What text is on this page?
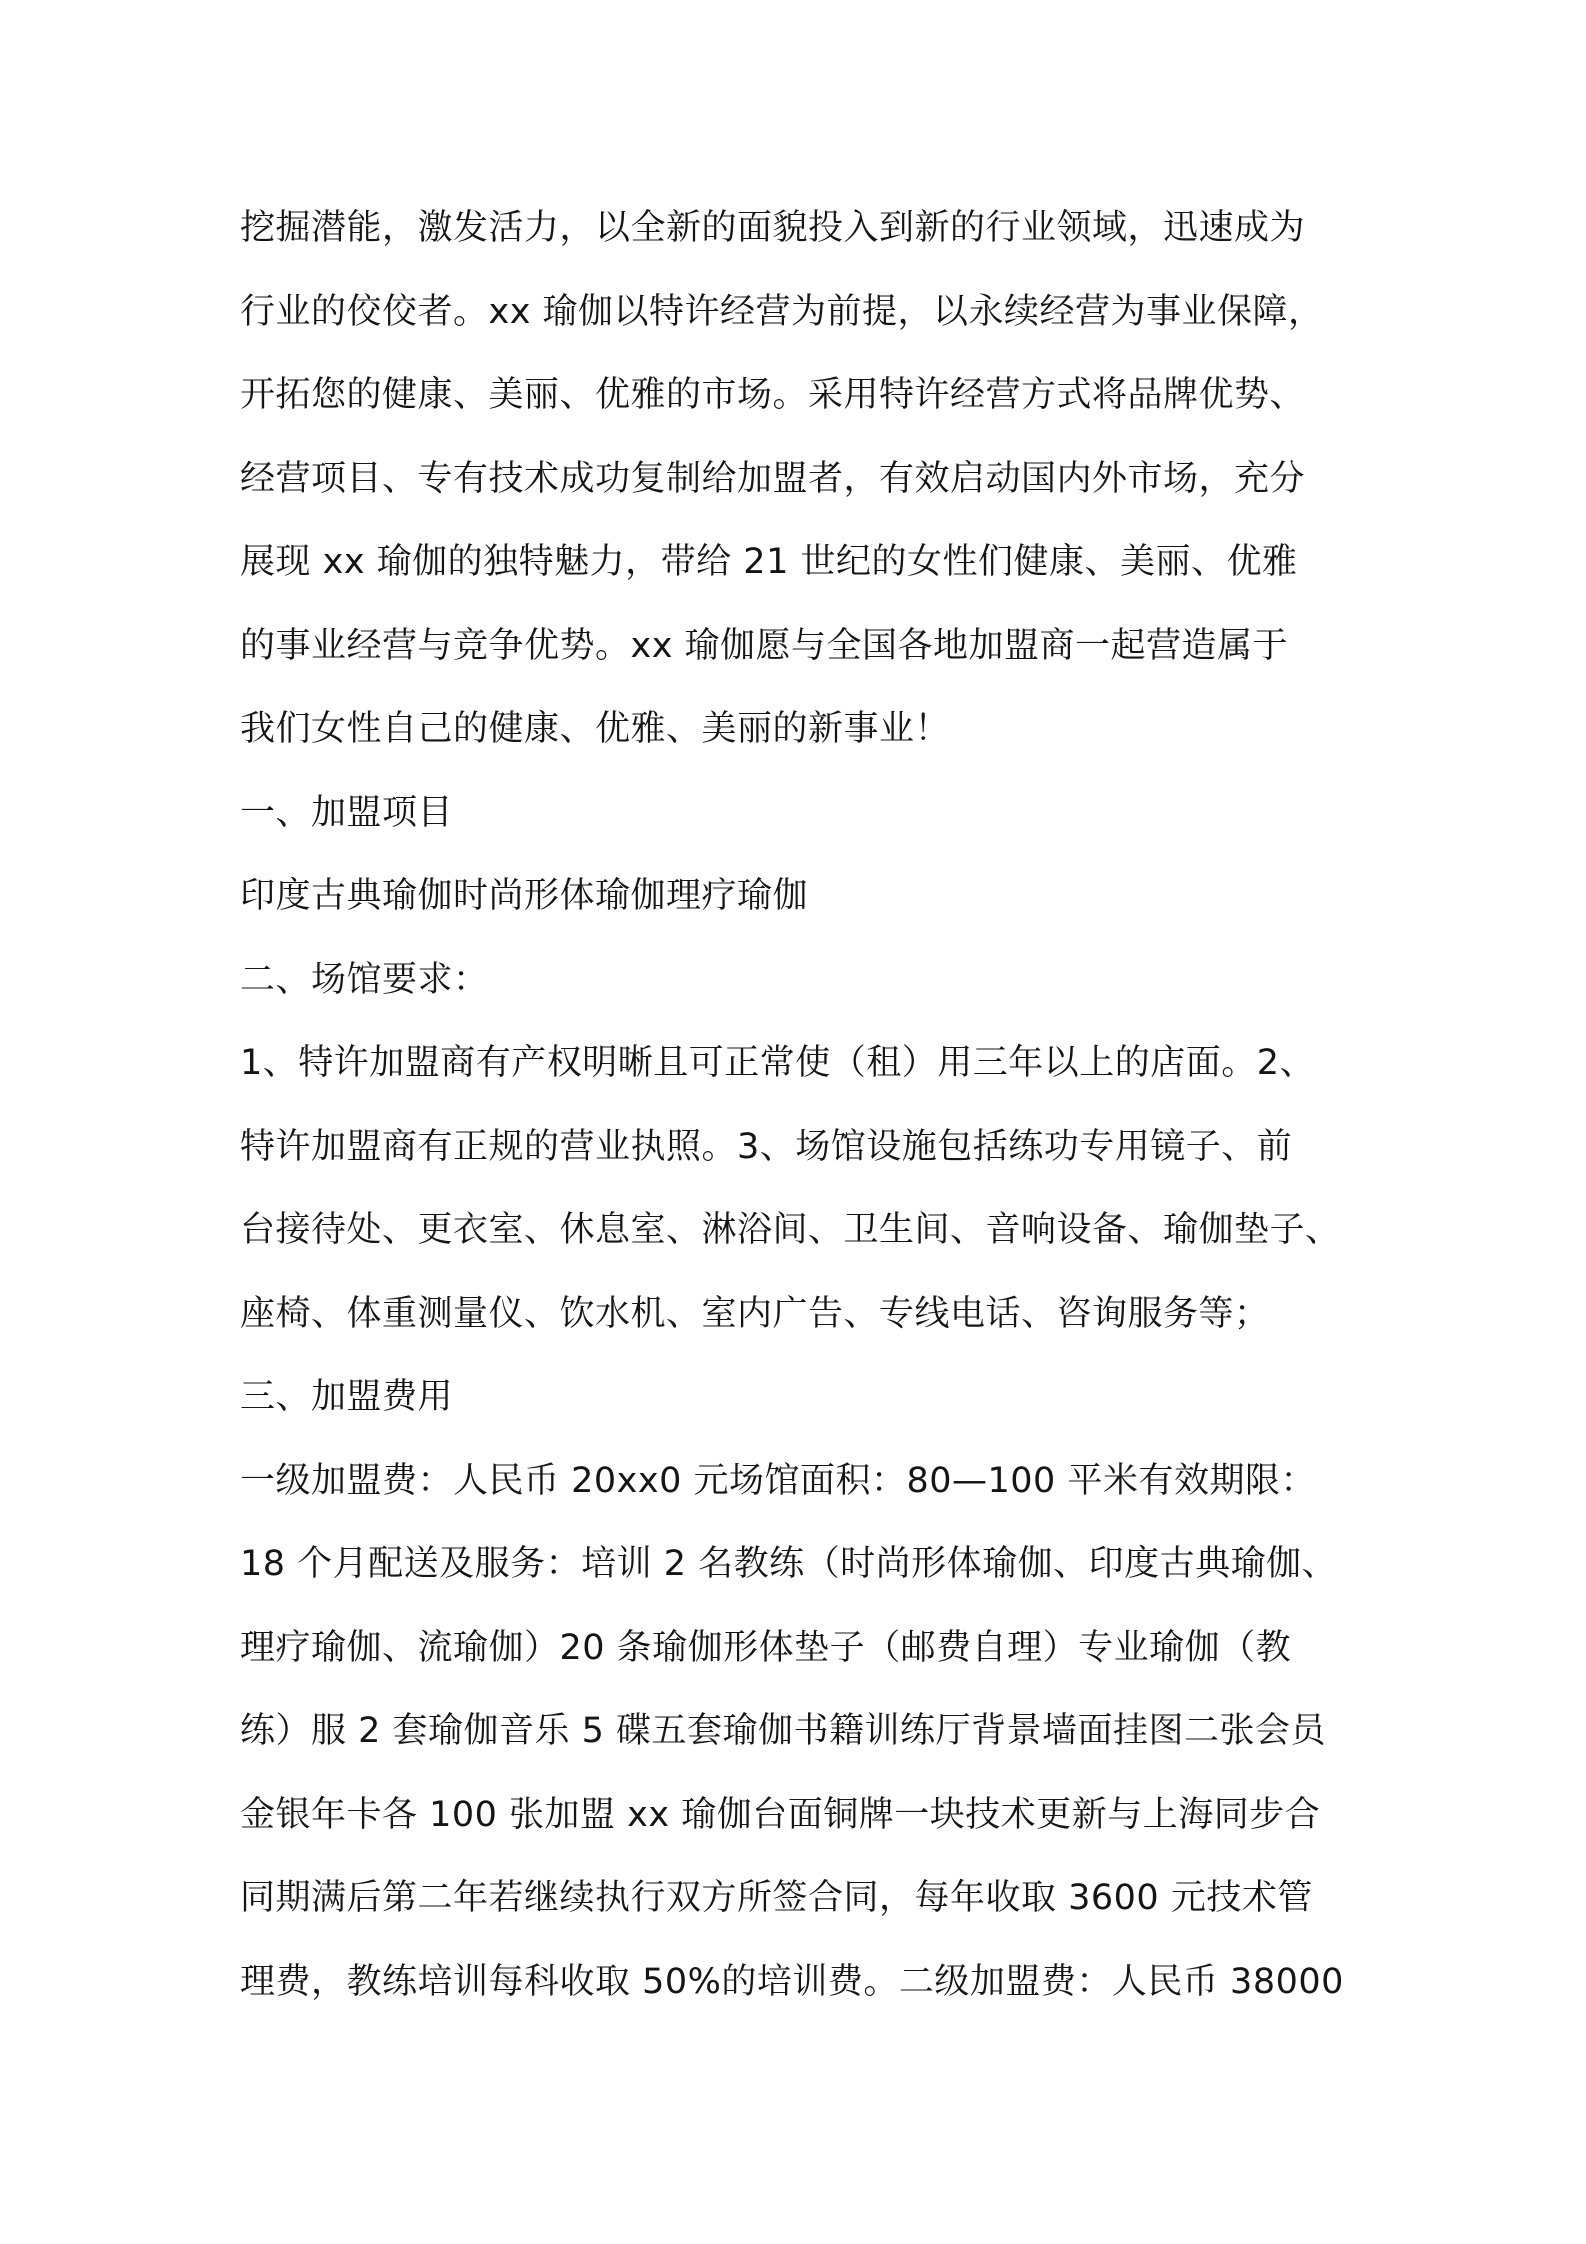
挖掘潜能，激发活力，以全新的面貌投入到新的行业领域，迅速成为

行业的佼佼者。xx 瑜伽以特许经营为前提，以永续经营为事业保障，

开拓您的健康、美丽、优雅的市场。采用特许经营方式将品牌优势、

经营项目、专有技术成功复制给加盟者，有效启动国内外市场，充分

展现 xx 瑜伽的独特魅力，带给 21 世纪的女性们健康、美丽、优雅

的事业经营与竞争优势。xx 瑜伽愿与全国各地加盟商一起营造属于

我们女性自己的健康、优雅、美丽的新事业！

一、加盟项目

印度古典瑜伽时尚形体瑜伽理疗瑜伽

二、场馆要求：

1、特许加盟商有产权明晰且可正常使（租）用三年以上的店面。2、

特许加盟商有正规的营业执照。3、场馆设施包括练功专用镜子、前

台接待处、更衣室、休息室、淋浴间、卫生间、音响设备、瑜伽垫子、

座椅、体重测量仪、饮水机、室内广告、专线电话、咨询服务等；

三、加盟费用

一级加盟费：人民币 20xx0 元场馆面积：80—100 平米有效期限：

18 个月配送及服务：培训 2 名教练（时尚形体瑜伽、印度古典瑜伽、

理疗瑜伽、流瑜伽）20 条瑜伽形体垫子（邮费自理）专业瑜伽（教

练）服 2 套瑜伽音乐 5 碟五套瑜伽书籍训练厅背景墙面挂图二张会员

金银年卡各 100 张加盟 xx 瑜伽台面铜牌一块技术更新与上海同步合

同期满后第二年若继续执行双方所签合同，每年收取 3600 元技术管

理费，教练培训每科收取 50%的培训费。二级加盟费：人民币 38000
